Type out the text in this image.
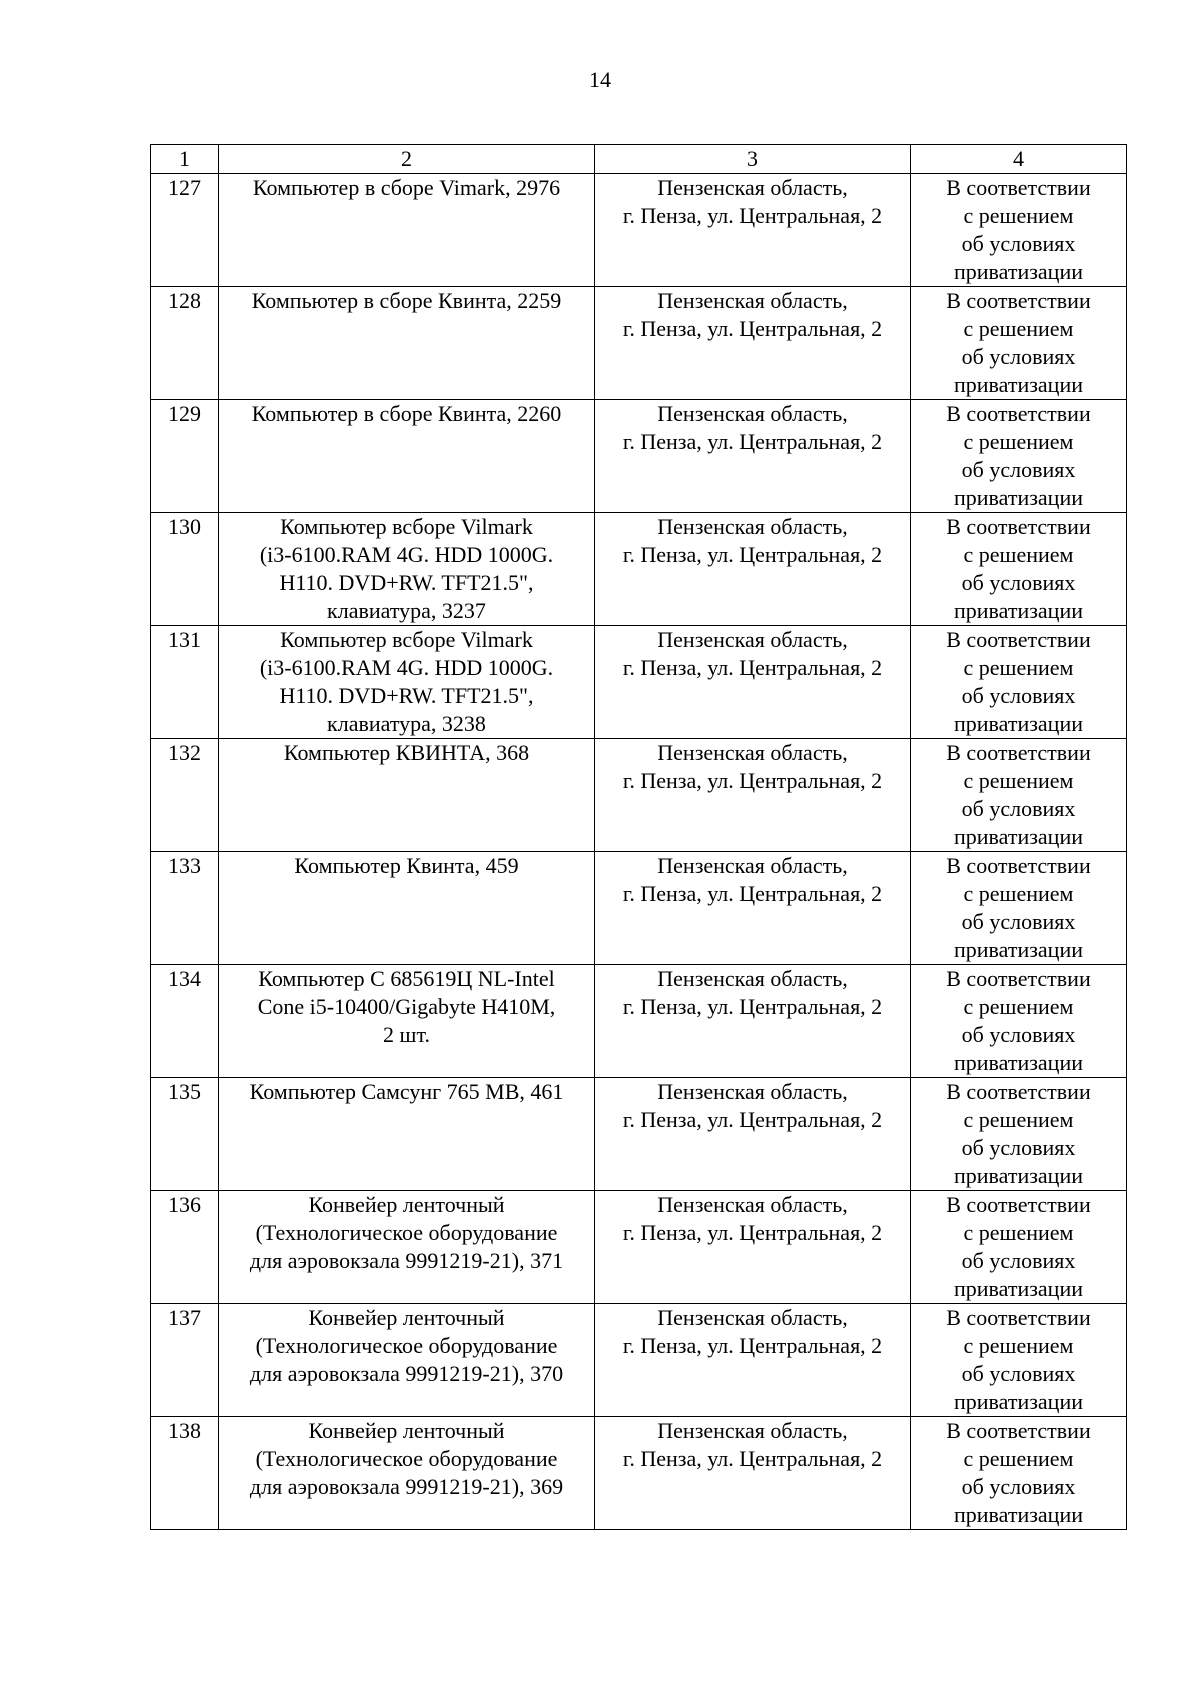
14
1	2	3	4
127	Компьютер в сборе Vimark, 2976	Пензенская область,
г. Пенза, ул. Центральная, 2	В соответствии
с решением
об условиях
приватизации

128	Компьютер в сборе Квинта, 2259	Пензенская область,
г. Пенза, ул. Центральная, 2	В соответствии
с решением
об условиях
приватизации

129	Компьютер в сборе Квинта, 2260	Пензенская область,
г. Пенза, ул. Центральная, 2	В соответствии
с решением
об условиях
приватизации

130	Компьютер всборе Vilmark
(i3-6100.RAM 4G. HDD 1000G.
H110. DVD+RW. TFT21.5",
клавиатура, 3237	Пензенская область,
г. Пенза, ул. Центральная, 2	В соответствии
с решением
об условиях
приватизации

131	Компьютер всборе Vilmark
(i3-6100.RAM 4G. HDD 1000G.
H110. DVD+RW. TFT21.5",
клавиатура, 3238	Пензенская область,
г. Пенза, ул. Центральная, 2	В соответствии
с решением
об условиях
приватизации

132	Компьютер КВИНТА, 368	Пензенская область,
г. Пенза, ул. Центральная, 2	В соответствии
с решением
об условиях
приватизации

133	Компьютер Квинта, 459	Пензенская область,
г. Пенза, ул. Центральная, 2	В соответствии
с решением
об условиях
приватизации

134	Компьютер С 685619Ц NL-Intel
Cone i5-10400/Gigabyte H410M,
2 шт.	Пензенская область,
г. Пенза, ул. Центральная, 2	В соответствии
с решением
об условиях
приватизации

135	Компьютер Самсунг 765 MB, 461	Пензенская область,
г. Пенза, ул. Центральная, 2	В соответствии
с решением
об условиях
приватизации

136	Конвейер ленточный
(Технологическое оборудование
для аэровокзала 9991219-21), 371	Пензенская область,
г. Пенза, ул. Центральная, 2	В соответствии
с решением
об условиях
приватизации

137	Конвейер ленточный
(Технологическое оборудование
для аэровокзала 9991219-21), 370	Пензенская область,
г. Пенза, ул. Центральная, 2	В соответствии
с решением
об условиях
приватизации

138	Конвейер ленточный
(Технологическое оборудование
для аэровокзала 9991219-21), 369	Пензенская область,
г. Пенза, ул. Центральная, 2	В соответствии
с решением
об условиях
приватизации
